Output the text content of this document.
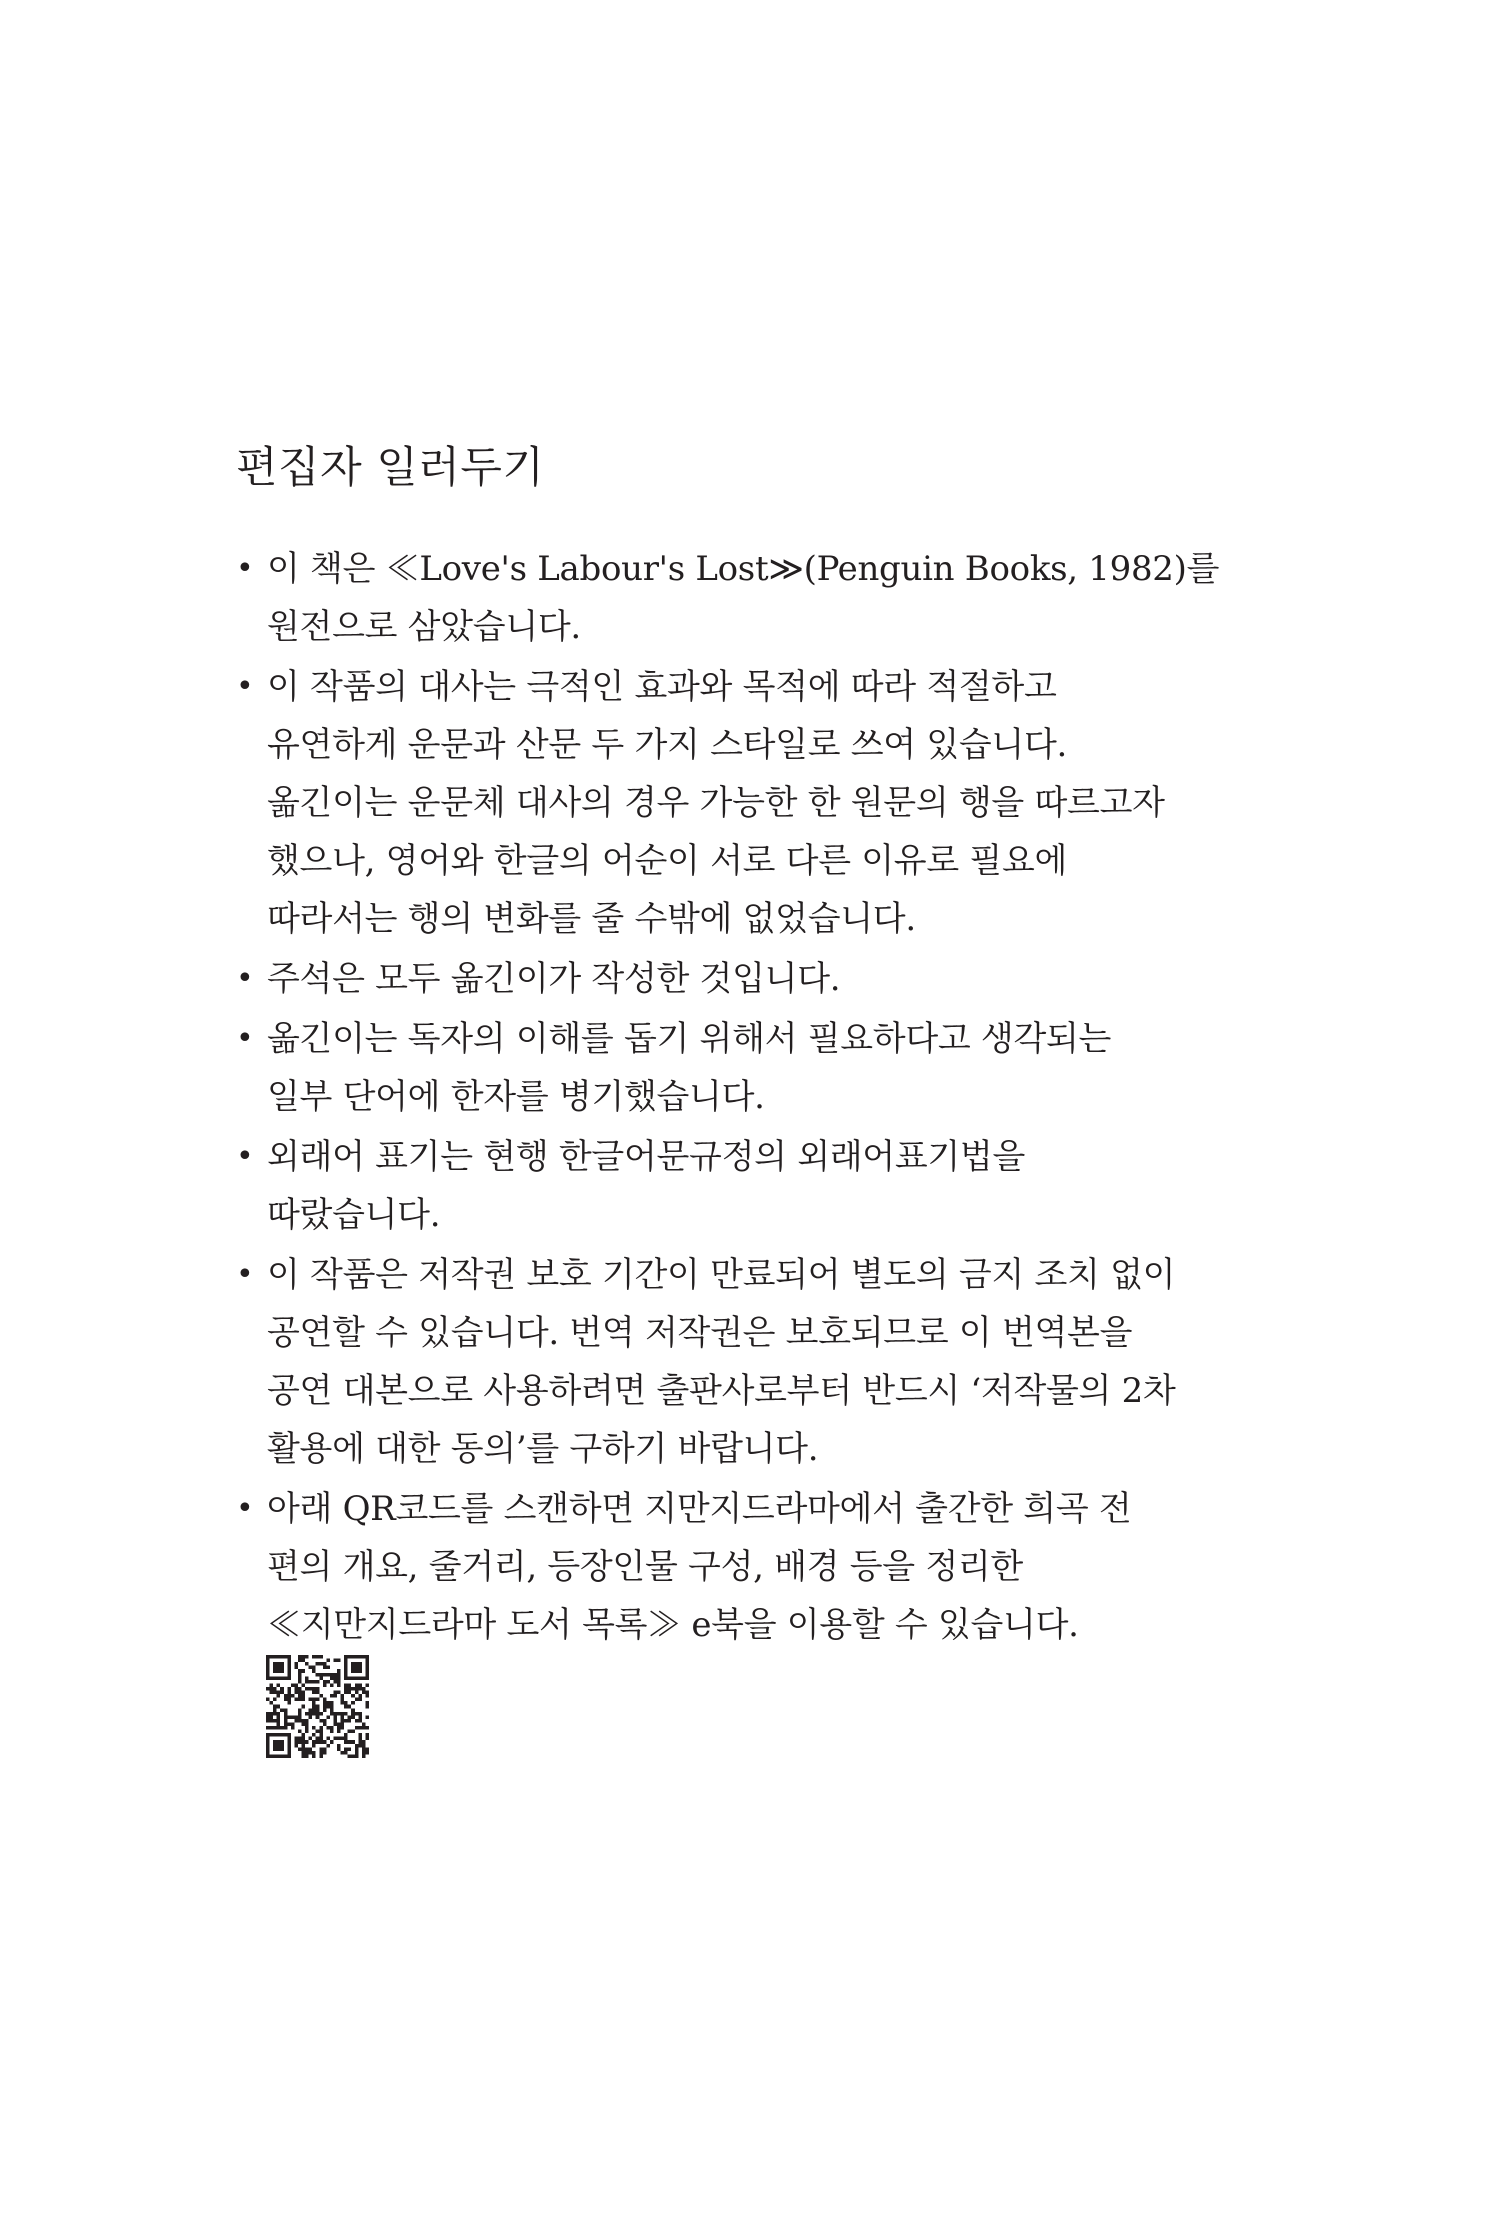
편집자 일러두기
• 이 책은 ≪Love's Labour's Lost≫(Penguin Books, 1982)를
원전으로 삼았습니다.
• 이 작품의 대사는 극적인 효과와 목적에 따라 적절하고
유연하게 운문과 산문 두 가지 스타일로 쓰여 있습니다.
옮긴이는 운문체 대사의 경우 가능한 한 원문의 행을 따르고자
했으나, 영어와 한글의 어순이 서로 다른 이유로 필요에
따라서는 행의 변화를 줄 수밖에 없었습니다.
• 주석은 모두 옮긴이가 작성한 것입니다.
• 옮긴이는 독자의 이해를 돕기 위해서 필요하다고 생각되는
일부 단어에 한자를 병기했습니다.
• 외래어 표기는 현행 한글어문규정의 외래어표기법을
따랐습니다.
• 이 작품은 저작권 보호 기간이 만료되어 별도의 금지 조치 없이
공연할 수 있습니다. 번역 저작권은 보호되므로 이 번역본을
공연 대본으로 사용하려면 출판사로부터 반드시 ‘저작물의 2차
활용에 대한 동의’를 구하기 바랍니다.
• 아래 QR코드를 스캔하면 지만지드라마에서 출간한 희곡 전
편의 개요, 줄거리, 등장인물 구성, 배경 등을 정리한
≪지만지드라마 도서 목록≫ e북을 이용할 수 있습니다.
